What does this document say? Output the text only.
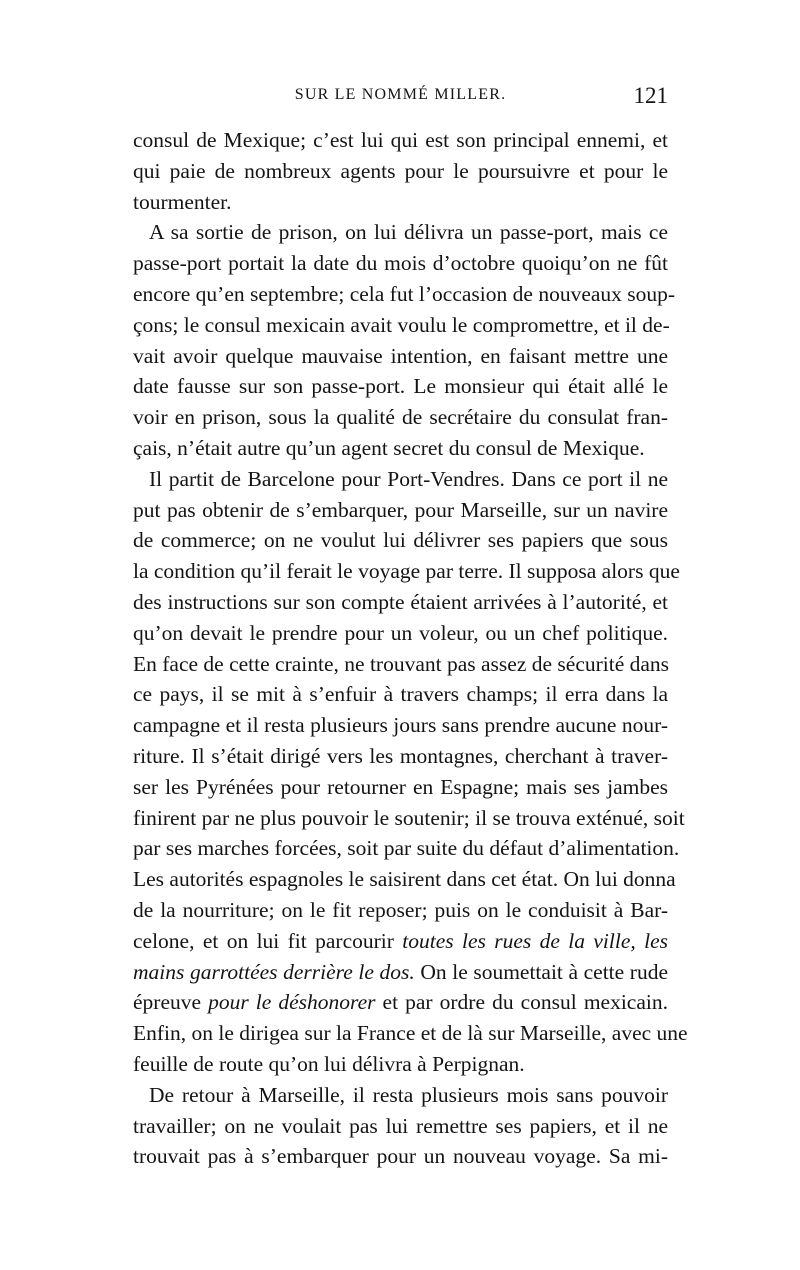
SUR LE NOMMÉ MILLER.	121

consul de Mexique; c’est lui qui est son principal ennemi, et
qui paie de nombreux agents pour le poursuivre et pour le
tourmenter.

A sa sortie de prison, on lui délivra un passe-port, mais ce
passe-port portait la date du mois d’octobre quoiqu’on ne fût
encore qu’en septembre; cela fut l’occasion de nouveaux soup-
çons; le consul mexicain avait voulu le compromettre, et il de-
vait avoir quelque mauvaise intention, en faisant mettre une
date fausse sur son passe-port. Le monsieur qui était allé le
voir en prison, sous la qualité de secrétaire du consulat fran-
çais, n’était autre qu’un agent secret du consul de Mexique.

Il partit de Barcelone pour Port-Vendres. Dans ce port il ne
put pas obtenir de s’embarquer, pour Marseille, sur un navire
de commerce; on ne voulut lui délivrer ses papiers que sous
la condition qu’il ferait le voyage par terre. Il supposa alors que
des instructions sur son compte étaient arrivées à l’autorité, et
qu’on devait le prendre pour un voleur, ou un chef politique.
En face de cette crainte, ne trouvant pas assez de sécurité dans
ce pays, il se mit à s’enfuir à travers champs; il erra dans la
campagne et il resta plusieurs jours sans prendre aucune nour-
riture. Il s’était dirigé vers les montagnes, cherchant à traver-
ser les Pyrénées pour retourner en Espagne; mais ses jambes
finirent par ne plus pouvoir le soutenir; il se trouva exténué, soit
par ses marches forcées, soit par suite du défaut d’alimentation.
Les autorités espagnoles le saisirent dans cet état. On lui donna
de la nourriture; on le fit reposer; puis on le conduisit à Bar-
celone, et on lui fit parcourir toutes les rues de la ville, les
mains garrottées derrière le dos. On le soumettait à cette rude
épreuve pour le déshonorer et par ordre du consul mexicain.
Enfin, on le dirigea sur la France et de là sur Marseille, avec une
feuille de route qu’on lui délivra à Perpignan.

De retour à Marseille, il resta plusieurs mois sans pouvoir
travailler; on ne voulait pas lui remettre ses papiers, et il ne
trouvait pas à s’embarquer pour un nouveau voyage. Sa mi-
